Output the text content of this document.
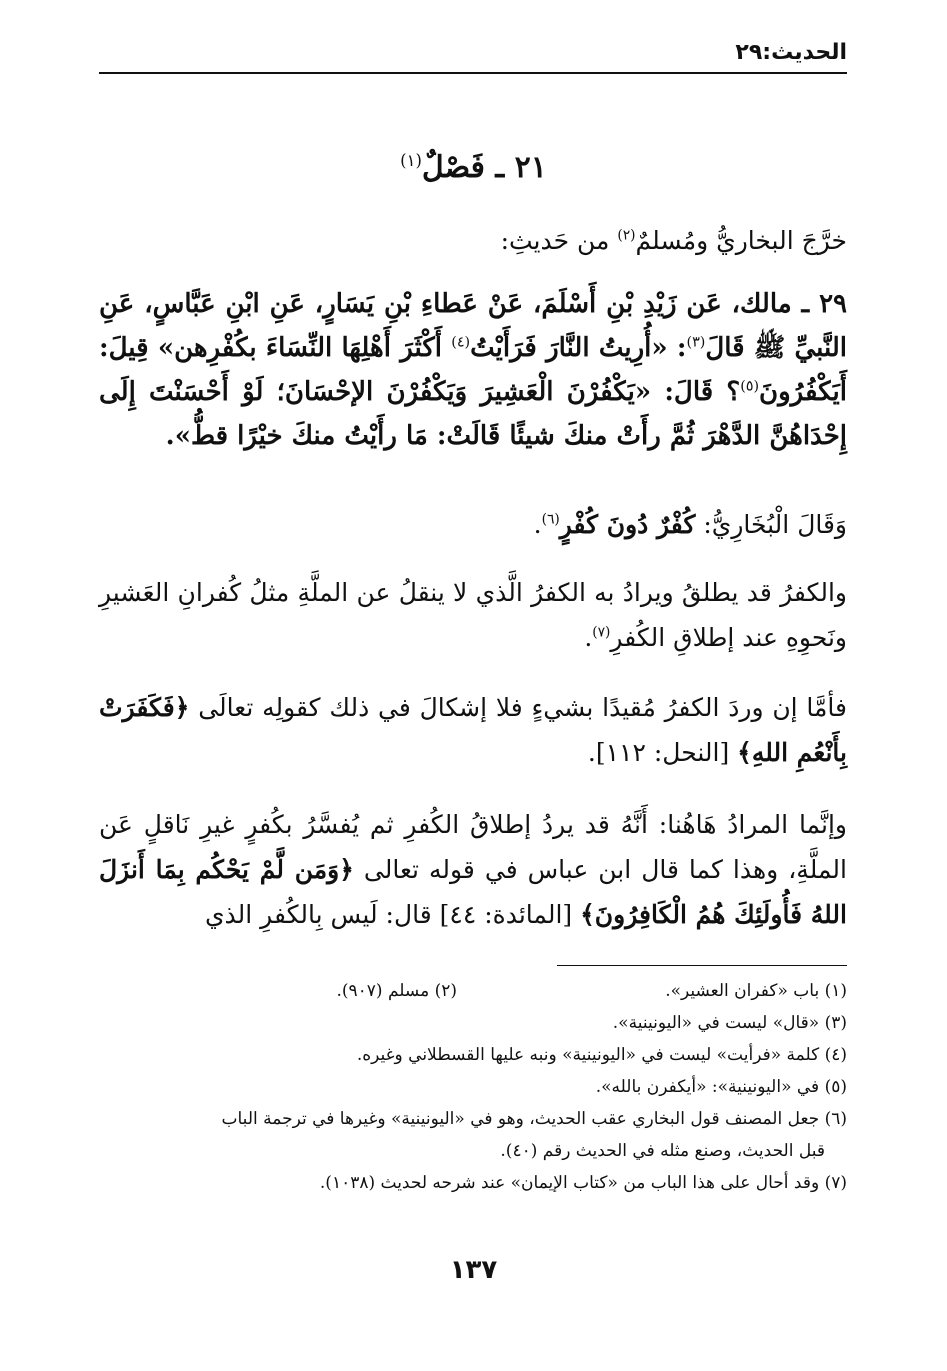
الحديث:٢٩
٢١ ـ فَصْلٌ$^{(١)}$
خرَّجَ البخاريُّ ومُسلمٌ$^{(٢)}$ من حَديثِ:
٢٩ ـ مالك، عَن زَيْدِ بْنِ أَسْلَمَ، عَنْ عَطاءِ بْنِ يَسَارٍ، عَنِ ابْنِ عَبَّاسٍ، عَنِ النَّبيِّ ﷺ قَالَ$^{(٣)}$: «أُرِيتُ النَّارَ فَرَأَيْتُ$^{(٤)}$ أَكْثَرَ أَهْلِهَا النِّسَاءَ بكُفْرِهن» قِيلَ: أَيَكْفُرُونَ$^{(٥)}$؟ قَالَ: «يَكْفُرْنَ الْعَشِيرَ وَيَكْفُرْنَ الإحْسَانَ؛ لَوْ أَحْسَنْتَ إِلَى إِحْدَاهُنَّ الدَّهْرَ ثُمَّ رأَتْ منكَ شيئًا قَالَتْ: مَا رأَيْتُ منكَ خيْرًا قطُّ».
وَقَالَ الْبُخَارِيُّ: كُفْرٌ دُونَ كُفْرٍ$^{(٦)}$.
والكفرُ قد يطلقُ ويرادُ به الكفرُ الَّذي لا ينقلُ عن الملَّةِ مثلُ كُفرانِ العَشيرِ ونَحوِهِ عند إطلاقِ الكُفرِ$^{(٧)}$.
فأمَّا إن وردَ الكفرُ مُقيدًا بشيءٍ فلا إشكالَ في ذلك كقولِه تعالَى ﴿فَكَفَرَتْ بِأَنْعُمِ اللهِ﴾ [النحل: ١١٢].
وإنَّما المرادُ هَاهُنا: أَنَّهُ قد يردُ إطلاقُ الكُفرِ ثم يُفسَّرُ بكُفرٍ غيرِ نَاقلٍ عَن الملَّةِ، وهذا كما قال ابن عباس في قوله تعالى ﴿وَمَن لَّمْ يَحْكُم بِمَا أَنزَلَ اللهُ فَأُولَئِكَ هُمُ الْكَافِرُونَ﴾ [المائدة: ٤٤] قال: لَيس بِالكُفرِ الذي
(١) باب «كفران العشير».
(٢) مسلم (٩٠٧).
(٣) «قال» ليست في «اليونينية».
(٤) كلمة «فرأيت» ليست في «اليونينية» ونبه عليها القسطلاني وغيره.
(٥) في «اليونينية»: «أيكفرن بالله».
(٦) جعل المصنف قول البخاري عقب الحديث، وهو في «اليونينية» وغيرها في ترجمة الباب
قبل الحديث، وصنع مثله في الحديث رقم (٤٠).
(٧) وقد أحال على هذا الباب من «كتاب الإيمان» عند شرحه لحديث (١٠٣٨).
١٣٧
